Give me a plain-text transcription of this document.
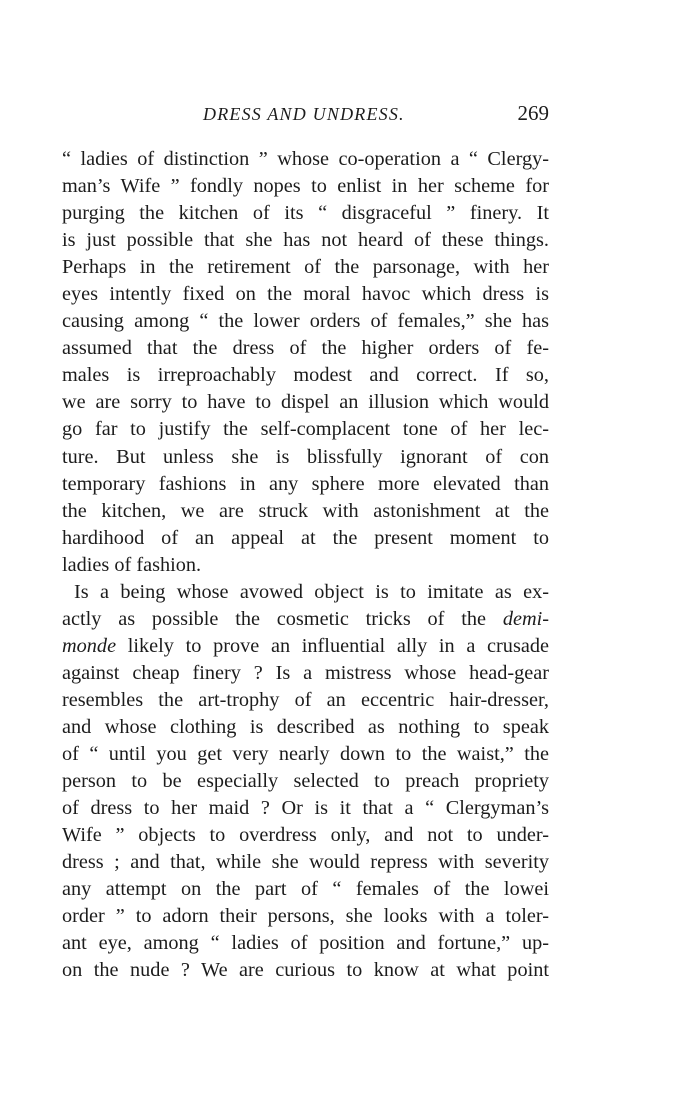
DRESS AND UNDRESS.	269
“ ladies of distinction ” whose co-operation a “ Clergy-
man’s Wife ” fondly nopes to enlist in her scheme for
purging the kitchen of its “ disgraceful ” finery. It
is just possible that she has not heard of these things.
Perhaps in the retirement of the parsonage, with her
eyes intently fixed on the moral havoc which dress is
causing among “ the lower orders of females,” she has
assumed that the dress of the higher orders of fe-
males is irreproachably modest and correct. If so,
we are sorry to have to dispel an illusion which would
go far to justify the self-complacent tone of her lec-
ture. But unless she is blissfully ignorant of con
temporary fashions in any sphere more elevated than
the kitchen, we are struck with astonishment at the
hardihood of an appeal at the present moment to
ladies of fashion.
Is a being whose avowed object is to imitate as ex-
actly as possible the cosmetic tricks of the demi-
monde likely to prove an influential ally in a crusade
against cheap finery ? Is a mistress whose head-gear
resembles the art-trophy of an eccentric hair-dresser,
and whose clothing is described as nothing to speak
of “ until you get very nearly down to the waist,” the
person to be especially selected to preach propriety
of dress to her maid ? Or is it that a “ Clergyman’s
Wife ” objects to overdress only, and not to under-
dress ; and that, while she would repress with severity
any attempt on the part of “ females of the lowei
order ” to adorn their persons, she looks with a toler-
ant eye, among “ ladies of position and fortune,” up-
on the nude ? We are curious to know at what point
